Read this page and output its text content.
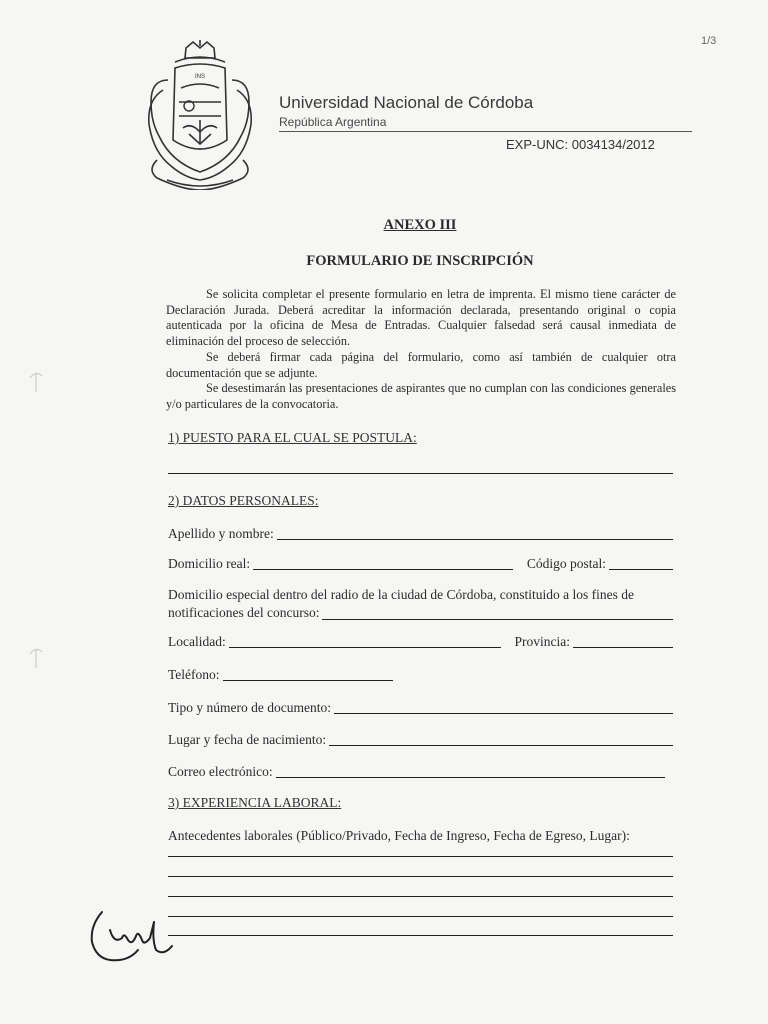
1/3
INS
Universidad Nacional de Córdoba
República Argentina
EXP-UNC: 0034134/2012
ANEXO III
FORMULARIO DE INSCRIPCIÓN

Se solicita completar el presente formulario en letra de imprenta. El mismo tiene carácter de Declaración Jurada. Deberá acreditar la información declarada, presentando original o copia autenticada por la oficina de Mesa de Entradas. Cualquier falsedad será causal inmediata de eliminación del proceso de selección.

Se deberá firmar cada página del formulario, como así también de cualquier otra documentación que se adjunte.

Se desestimarán las presentaciones de aspirantes que no cumplan con las condiciones generales y/o particulares de la convocatoria.

1) PUESTO PARA EL CUAL SE POSTULA:
2) DATOS PERSONALES:
Apellido y nombre:
Domicilio real:	Código postal:
Domicilio especial dentro del radio de la ciudad de Córdoba, constituido a los fines de
notificaciones del concurso:
Localidad:	Provincia:
Teléfono:
Tipo y número de documento:
Lugar y fecha de nacimiento:
Correo electrónico:
3) EXPERIENCIA LABORAL:
Antecedentes laborales (Público/Privado, Fecha de Ingreso, Fecha de Egreso, Lugar):
